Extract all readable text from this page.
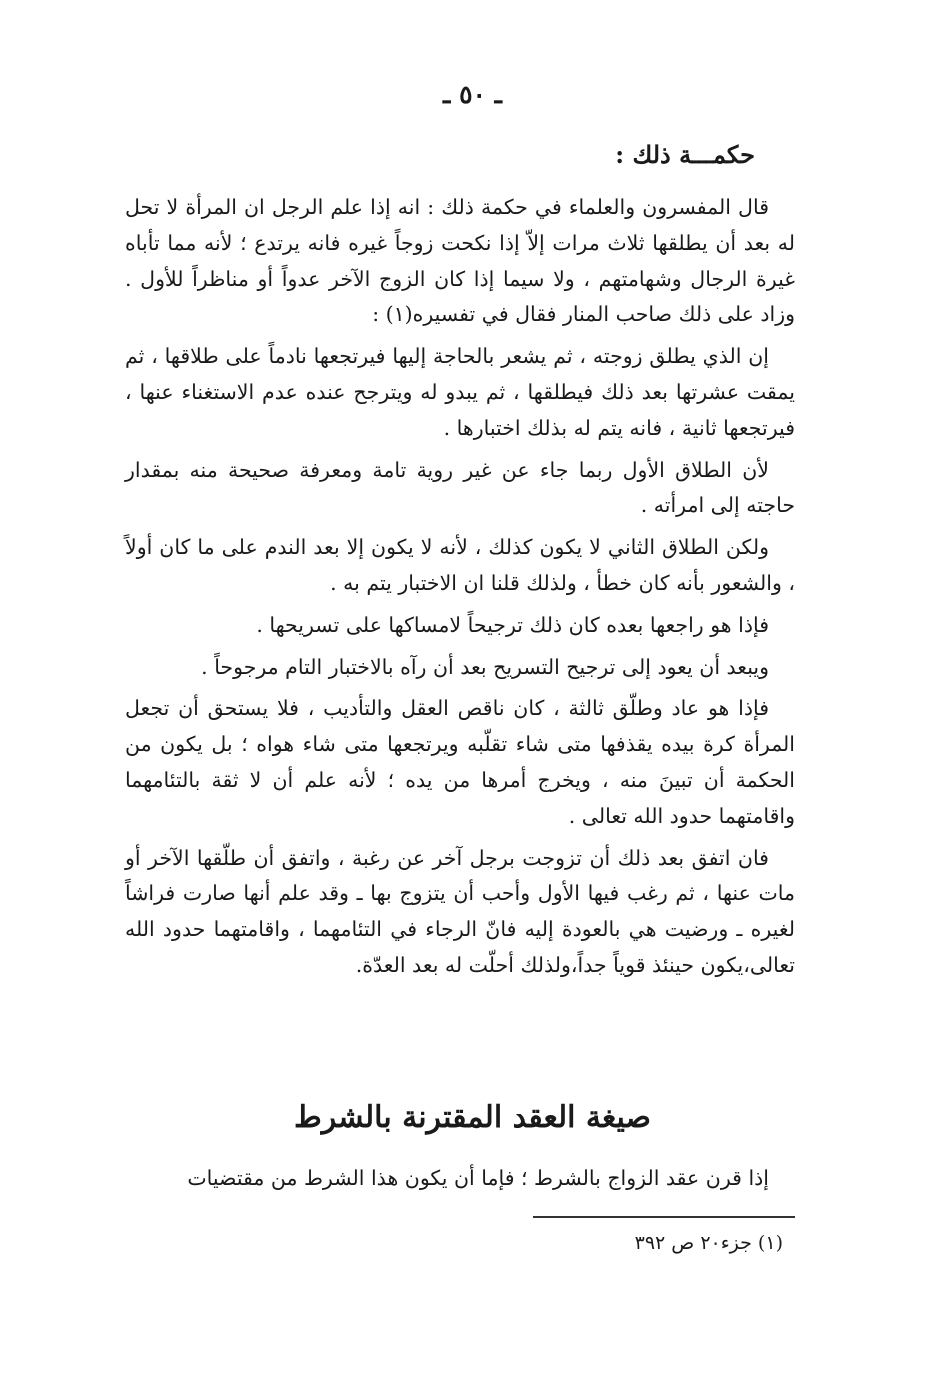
ـ ٥٠ ـ
حكمـــة ذلك :

قال المفسرون والعلماء في حكمة ذلك : انه إذا علم الرجل ان المرأة لا تحل له بعد أن يطلقها ثلاث مرات إلاّ إذا نكحت زوجاً غيره فانه يرتدع ؛ لأنه مما تأباه غيرة الرجال وشهامتهم ، ولا سيما إذا كان الزوج الآخر عدواً أو مناظراً للأول . وزاد على ذلك صاحب المنار فقال في تفسيره(١) :

إن الذي يطلق زوجته ، ثم يشعر بالحاجة إليها فيرتجعها نادماً على طلاقها ، ثم يمقت عشرتها بعد ذلك فيطلقها ، ثم يبدو له ويترجح عنده عدم الاستغناء عنها ، فيرتجعها ثانية ، فانه يتم له بذلك اختبارها .

لأن الطلاق الأول ربما جاء عن غير روية تامة ومعرفة صحيحة منه بمقدار حاجته إلى امرأته .

ولكن الطلاق الثاني لا يكون كذلك ، لأنه لا يكون إلا بعد الندم على ما كان أولاً ، والشعور بأنه كان خطأ ، ولذلك قلنا ان الاختبار يتم به .

فإذا هو راجعها بعده كان ذلك ترجيحاً لامساكها على تسريحها .

ويبعد أن يعود إلى ترجيح التسريح بعد أن رآه بالاختبار التام مرجوحاً .

فإذا هو عاد وطلّق ثالثة ، كان ناقص العقل والتأديب ، فلا يستحق أن تجعل المرأة كرة بيده يقذفها متى شاء تقلّبه ويرتجعها متى شاء هواه ؛ بل يكون من الحكمة أن تبينَ منه ، ويخرج أمرها من يده ؛ لأنه علم أن لا ثقة بالتئامهما واقامتهما حدود الله تعالى .

فان اتفق بعد ذلك أن تزوجت برجل آخر عن رغبة ، واتفق أن طلّقها الآخر أو مات عنها ، ثم رغب فيها الأول وأحب أن يتزوج بها ـ وقد علم أنها صارت فراشاً لغيره ـ ورضيت هي بالعودة إليه فانّ الرجاء في التئامهما ، واقامتهما حدود الله تعالى،يكون حينئذ قوياً جداً،ولذلك أحلّت له بعد العدّة.

صيغة العقد المقترنة بالشرط
إذا قرن عقد الزواج بالشرط ؛ فإما أن يكون هذا الشرط من مقتضيات
(١) جزء٢٠ ص ٣٩٢
